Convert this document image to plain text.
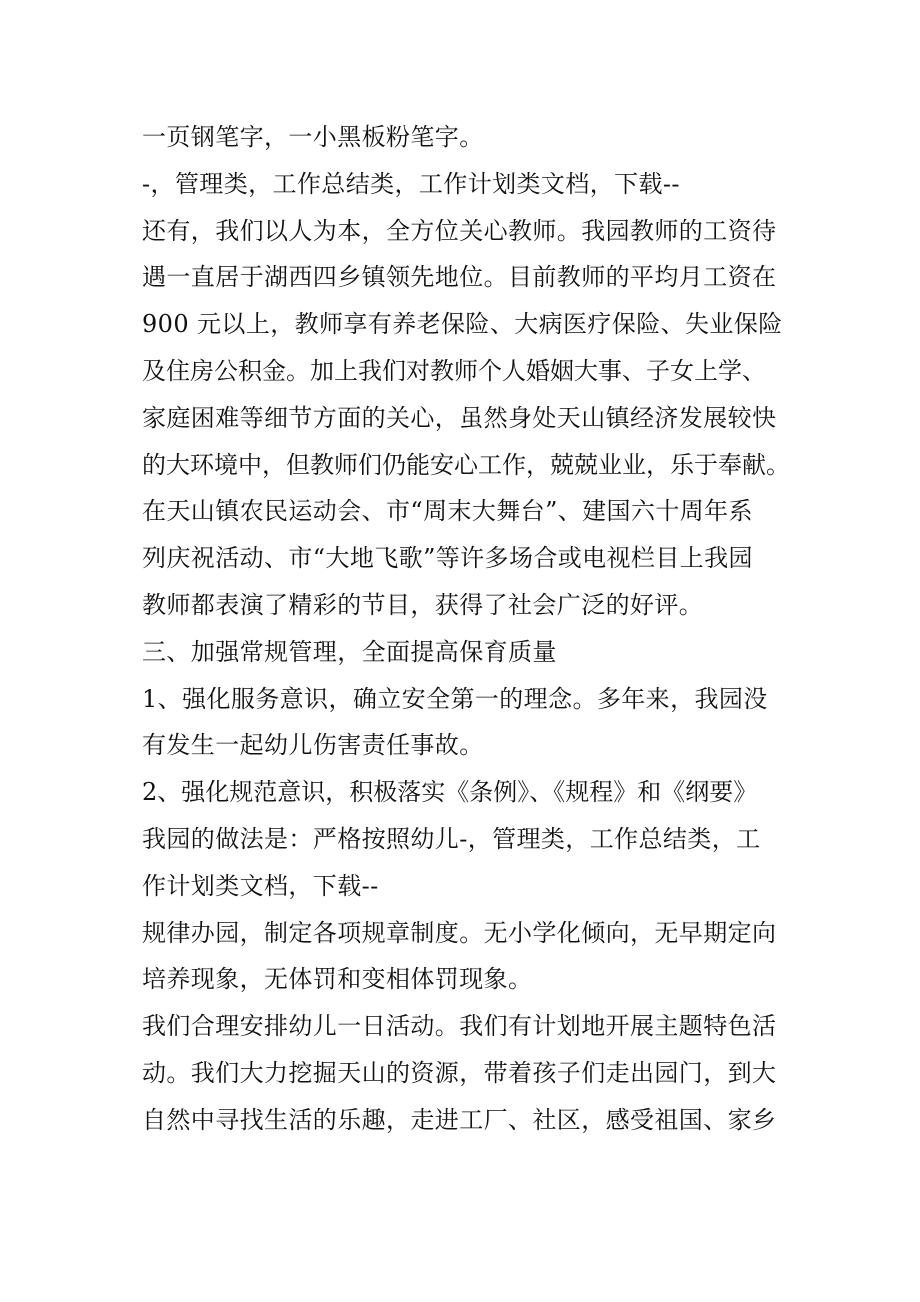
一页钢笔字，一小黑板粉笔字。
-，管理类，工作总结类，工作计划类文档，下载--
还有，我们以人为本，全方位关心教师。我园教师的工资待
遇一直居于湖西四乡镇领先地位。目前教师的平均月工资在
900 元以上，教师享有养老保险、大病医疗保险、失业保险
及住房公积金。加上我们对教师个人婚姻大事、子女上学、
家庭困难等细节方面的关心，虽然身处天山镇经济发展较快
的大环境中，但教师们仍能安心工作，兢兢业业，乐于奉献。
在天山镇农民运动会、市“周末大舞台”、建国六十周年系
列庆祝活动、市“大地飞歌”等许多场合或电视栏目上我园
教师都表演了精彩的节目，获得了社会广泛的好评。
三、加强常规管理，全面提高保育质量
1、强化服务意识，确立安全第一的理念。多年来，我园没
有发生一起幼儿伤害责任事故。
2、强化规范意识，积极落实《条例》、《规程》和《纲要》
我园的做法是：严格按照幼儿-，管理类，工作总结类，工
作计划类文档，下载--
规律办园，制定各项规章制度。无小学化倾向，无早期定向
培养现象，无体罚和变相体罚现象。
我们合理安排幼儿一日活动。我们有计划地开展主题特色活
动。我们大力挖掘天山的资源，带着孩子们走出园门，到大
自然中寻找生活的乐趣，走进工厂、社区，感受祖国、家乡
